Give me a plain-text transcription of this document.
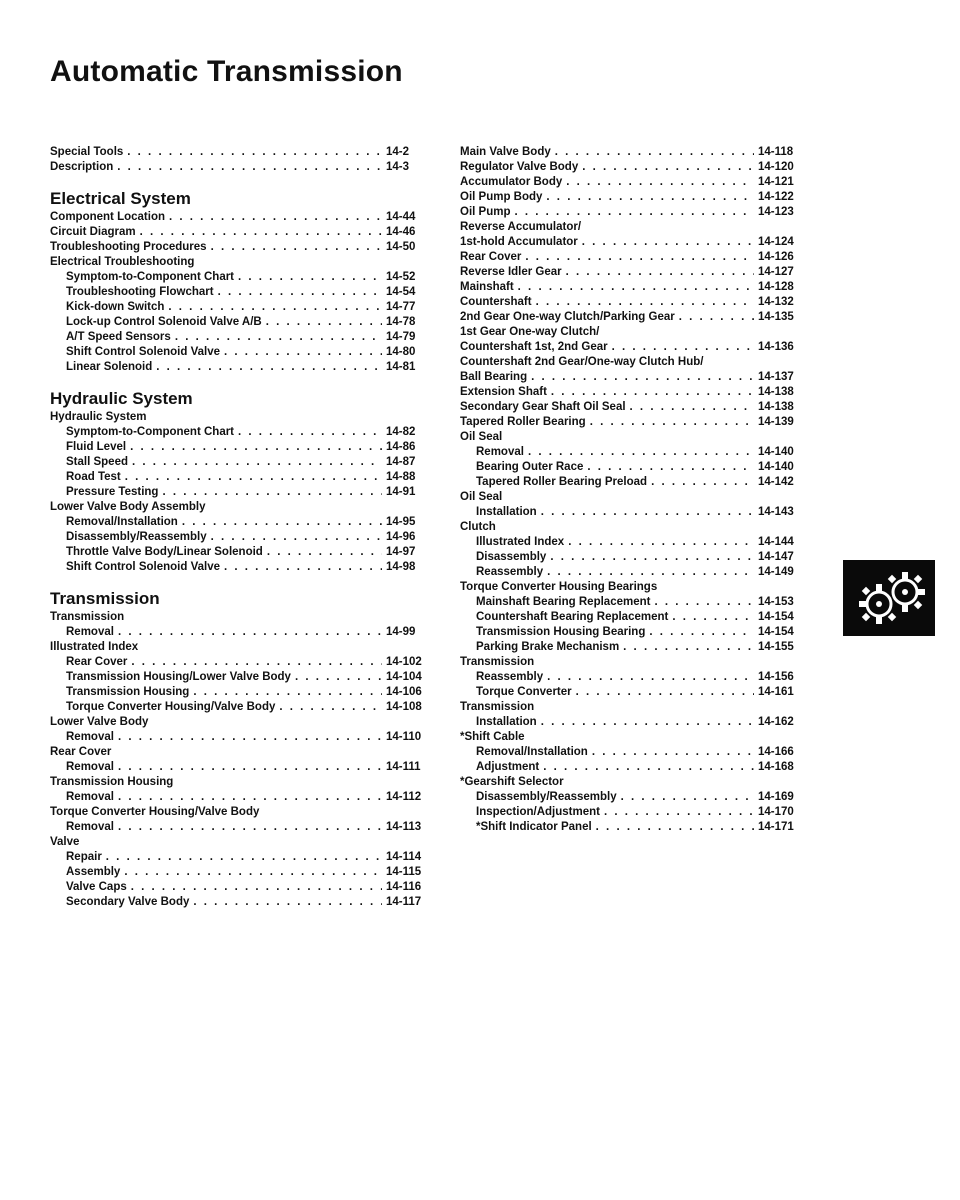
Automatic Transmission
Special Tools . . .	14-2
Description . . .	14-3
Electrical System
Component Location . . .	14-44
Circuit Diagram . . .	14-46
Troubleshooting Procedures . . .	14-50
Electrical Troubleshooting
Symptom-to-Component Chart . . .	14-52
Troubleshooting Flowchart . . .	14-54
Kick-down Switch . . .	14-77
Lock-up Control Solenoid Valve A/B . . .	14-78
A/T Speed Sensors . . .	14-79
Shift Control Solenoid Valve . . .	14-80
Linear Solenoid . . .	14-81
Hydraulic System
Hydraulic System
Symptom-to-Component Chart . . .	14-82
Fluid Level . . .	14-86
Stall Speed . . .	14-87
Road Test . . .	14-88
Pressure Testing . . .	14-91
Lower Valve Body Assembly
Removal/Installation . . .	14-95
Disassembly/Reassembly . . .	14-96
Throttle Valve Body/Linear Solenoid . . .	14-97
Shift Control Solenoid Valve . . .	14-98
Transmission
Transmission
Removal . . .	14-99
Illustrated Index
Rear Cover . . .	14-102
Transmission Housing/Lower Valve Body . . .	14-104
Transmission Housing . . .	14-106
Torque Converter Housing/Valve Body . . .	14-108
Lower Valve Body
Removal . . .	14-110
Rear Cover
Removal . . .	14-111
Transmission Housing
Removal . . .	14-112
Torque Converter Housing/Valve Body
Removal . . .	14-113
Valve
Repair . . .	14-114
Assembly . . .	14-115
Valve Caps . . .	14-116
Secondary Valve Body . . .	14-117
Main Valve Body . . .	14-118
Regulator Valve Body . . .	14-120
Accumulator Body . . .	14-121
Oil Pump Body . . .	14-122
Oil Pump . . .	14-123
Reverse Accumulator/
1st-hold Accumulator . . .	14-124
Rear Cover . . .	14-126
Reverse Idler Gear . . .	14-127
Mainshaft . . .	14-128
Countershaft . . .	14-132
2nd Gear One-way Clutch/Parking Gear . . .	14-135
1st Gear One-way Clutch/
Countershaft 1st, 2nd Gear . . .	14-136
Countershaft 2nd Gear/One-way Clutch Hub/
Ball Bearing . . .	14-137
Extension Shaft . . .	14-138
Secondary Gear Shaft Oil Seal . . .	14-138
Tapered Roller Bearing . . .	14-139
Oil Seal
Removal . . .	14-140
Bearing Outer Race . . .	14-140
Tapered Roller Bearing Preload . . .	14-142
Oil Seal
Installation . . .	14-143
Clutch
Illustrated Index . . .	14-144
Disassembly . . .	14-147
Reassembly . . .	14-149
Torque Converter Housing Bearings
Mainshaft Bearing Replacement . . .	14-153
Countershaft Bearing Replacement . . .	14-154
Transmission Housing Bearing . . .	14-154
Parking Brake Mechanism . . .	14-155
Transmission
Reassembly . . .	14-156
Torque Converter . . .	14-161
Transmission
Installation . . .	14-162
*Shift Cable
Removal/Installation . . .	14-166
Adjustment . . .	14-168
*Gearshift Selector
Disassembly/Reassembly . . .	14-169
Inspection/Adjustment . . .	14-170
*Shift Indicator Panel . . .	14-171
